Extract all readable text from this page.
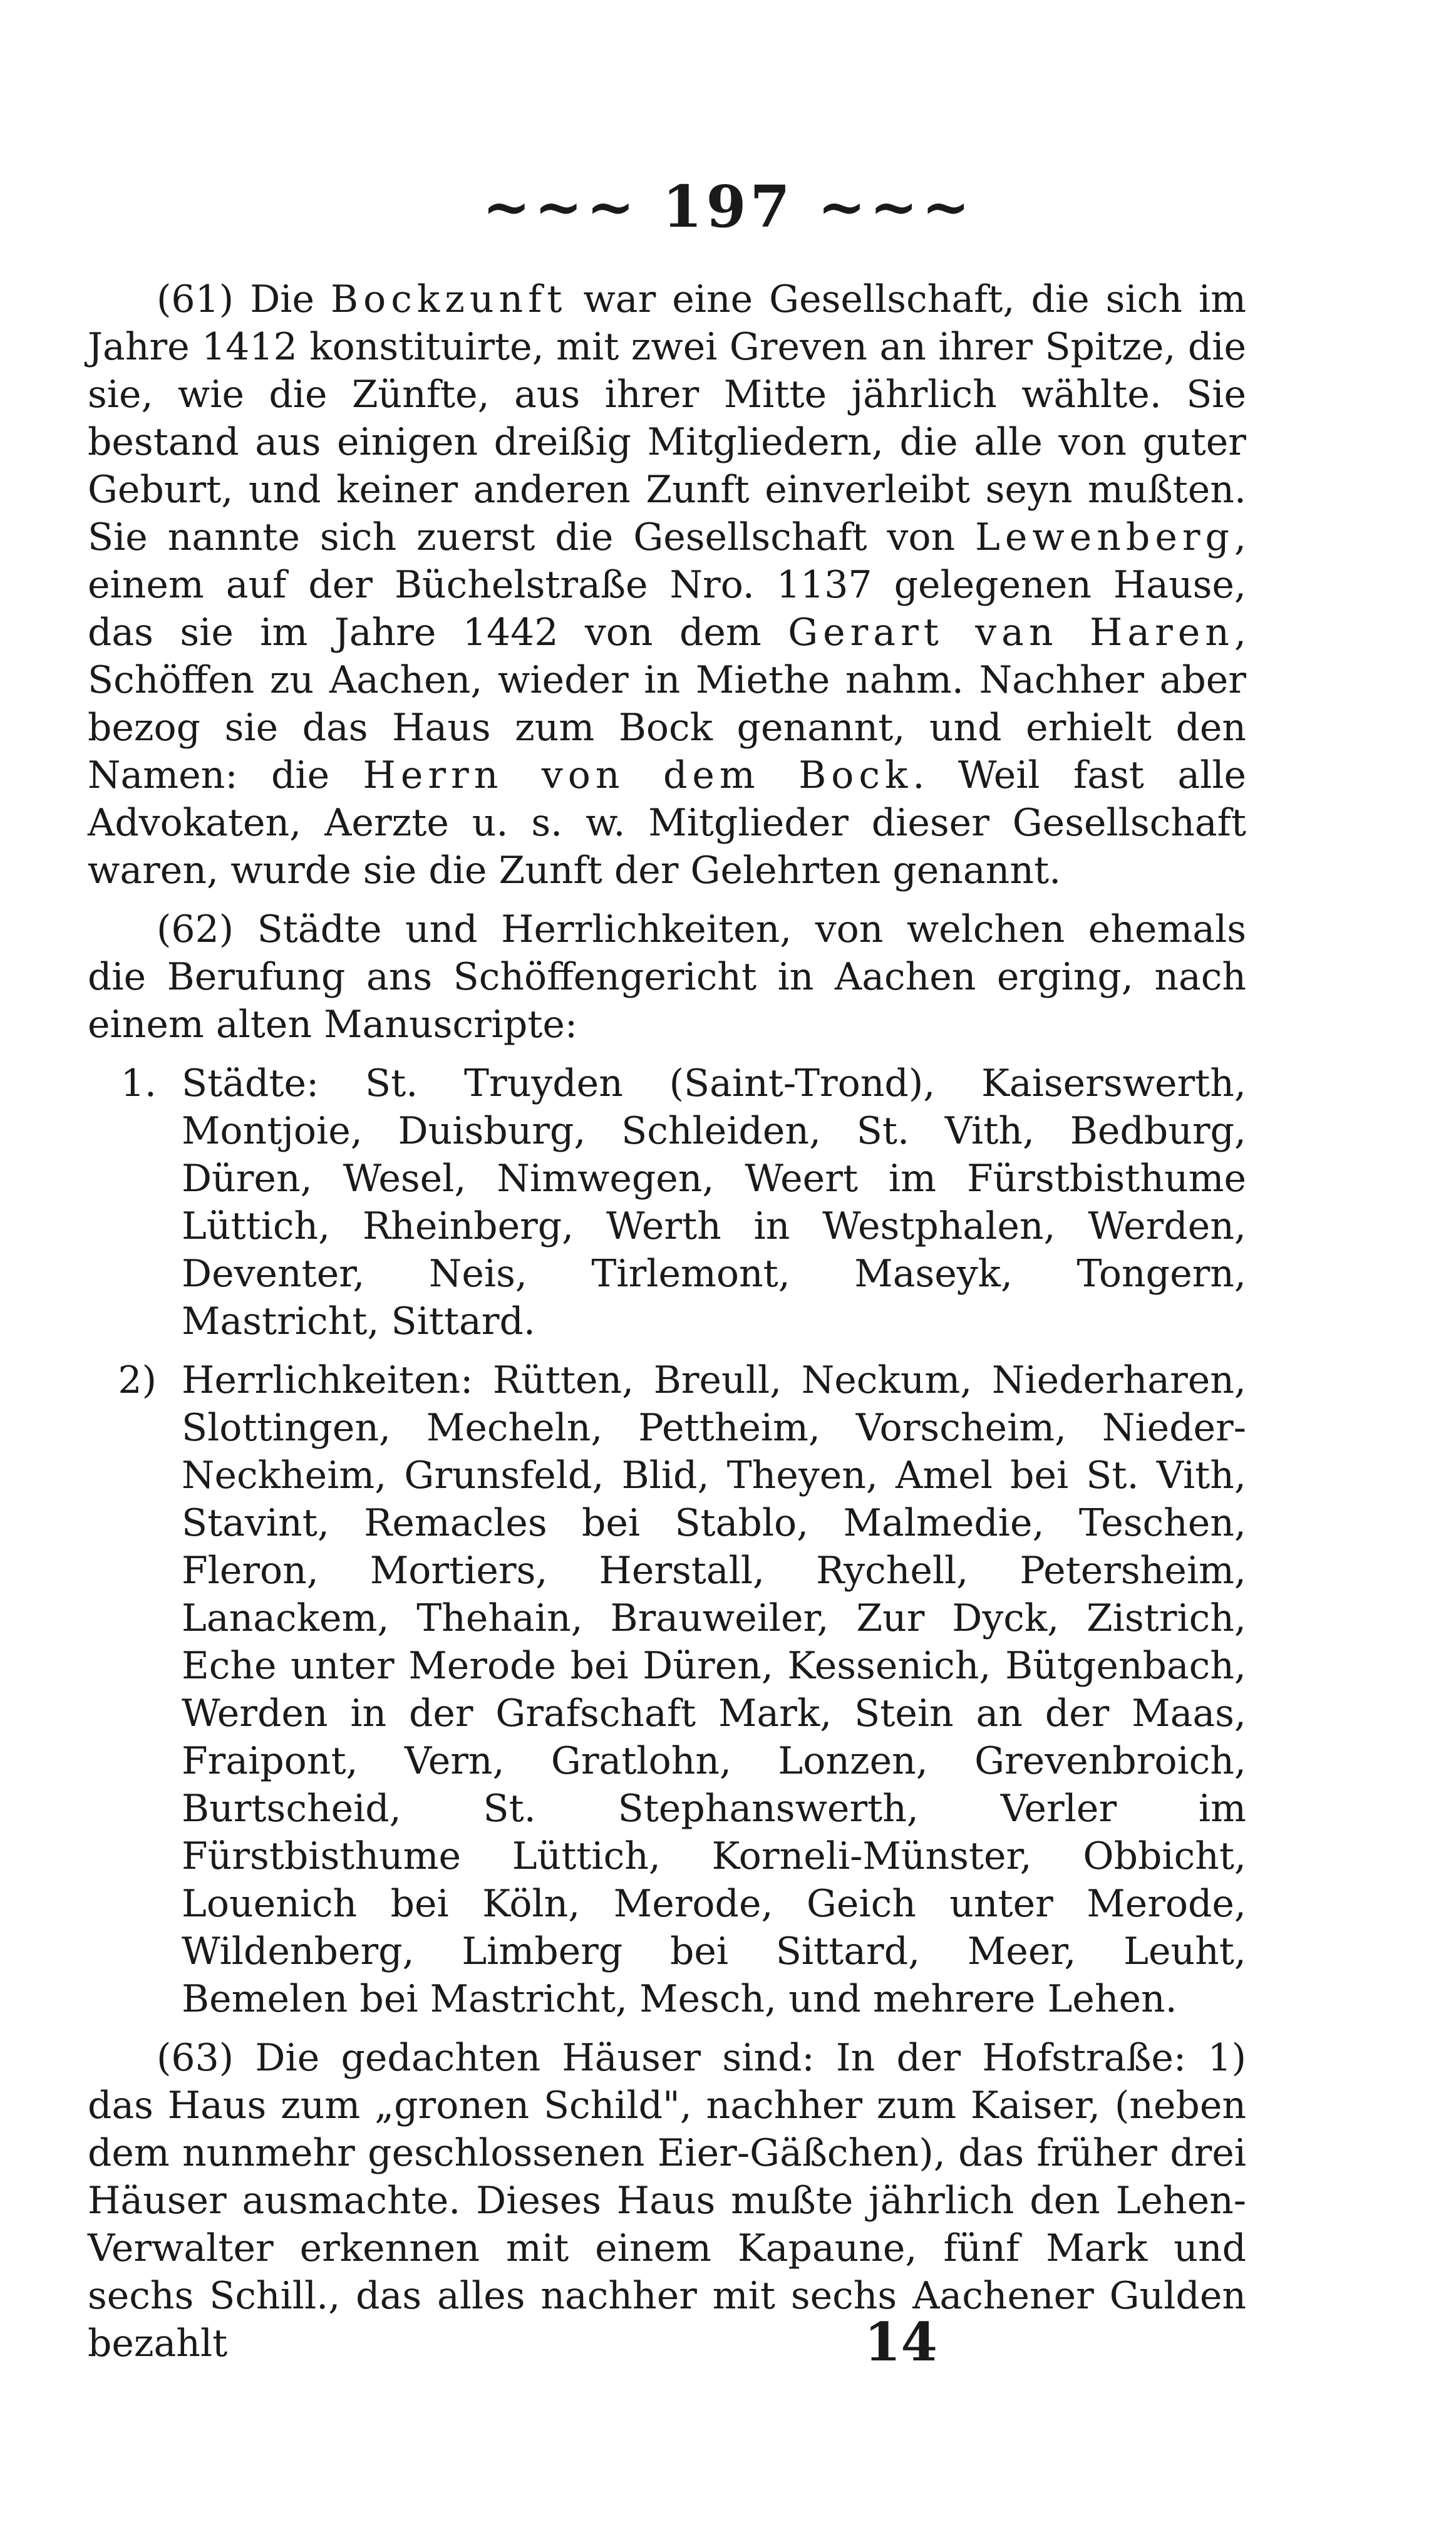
~~~ 197 ~~~

(61) Die Bockzunft war eine Gesellschaft, die sich im Jahre 1412 konstituirte, mit zwei Greven an ihrer Spitze, die sie, wie die Zünfte, aus ihrer Mitte jährlich wählte. Sie bestand aus einigen dreißig Mitgliedern, die alle von guter Geburt, und keiner anderen Zunft einverleibt seyn mußten. Sie nannte sich zuerst die Gesellschaft von Lewenberg, einem auf der Büchelstraße Nro. 1137 gelegenen Hause, das sie im Jahre 1442 von dem Gerart van Haren, Schöffen zu Aachen, wieder in Miethe nahm. Nachher aber bezog sie das Haus zum Bock genannt, und erhielt den Namen: die Herrn von dem Bock. Weil fast alle Advokaten, Aerzte u. s. w. Mitglieder dieser Gesellschaft waren, wurde sie die Zunft der Gelehrten genannt.

(62) Städte und Herrlichkeiten, von welchen ehemals die Berufung ans Schöffengericht in Aachen erging, nach einem alten Manuscripte:

1. Städte: St. Truyden (Saint-Trond), Kaiserswerth, Montjoie, Duisburg, Schleiden, St. Vith, Bedburg, Düren, Wesel, Nimwegen, Weert im Fürstbisthume Lüttich, Rheinberg, Werth in Westphalen, Werden, Deventer, Neis, Tirlemont, Maseyk, Tongern, Mastricht, Sittard.
2) Herrlichkeiten: Rütten, Breull, Neckum, Niederharen, Slottingen, Mecheln, Pettheim, Vorscheim, Nieder-Neckheim, Grunsfeld, Blid, Theyen, Amel bei St. Vith, Stavint, Remacles bei Stablo, Malmedie, Teschen, Fleron, Mortiers, Herstall, Rychell, Petersheim, Lanackem, Thehain, Brauweiler, Zur Dyck, Zistrich, Eche unter Merode bei Düren, Kessenich, Bütgenbach, Werden in der Grafschaft Mark, Stein an der Maas, Fraipont, Vern, Gratlohn, Lonzen, Grevenbroich, Burtscheid, St. Stephanswerth, Verler im Fürstbisthume Lüttich, Korneli-Münster, Obbicht, Louenich bei Köln, Merode, Geich unter Merode, Wildenberg, Limberg bei Sittard, Meer, Leuht, Bemelen bei Mastricht, Mesch, und mehrere Lehen.

(63) Die gedachten Häuser sind: In der Hofstraße: 1) das Haus zum „gronen Schild", nachher zum Kaiser, (neben dem nunmehr geschlossenen Eier-Gäßchen), das früher drei Häuser ausmachte. Dieses Haus mußte jährlich den Lehen-Verwalter erkennen mit einem Kapaune, fünf Mark und sechs Schill., das alles nachher mit sechs Aachener Gulden bezahlt	14
